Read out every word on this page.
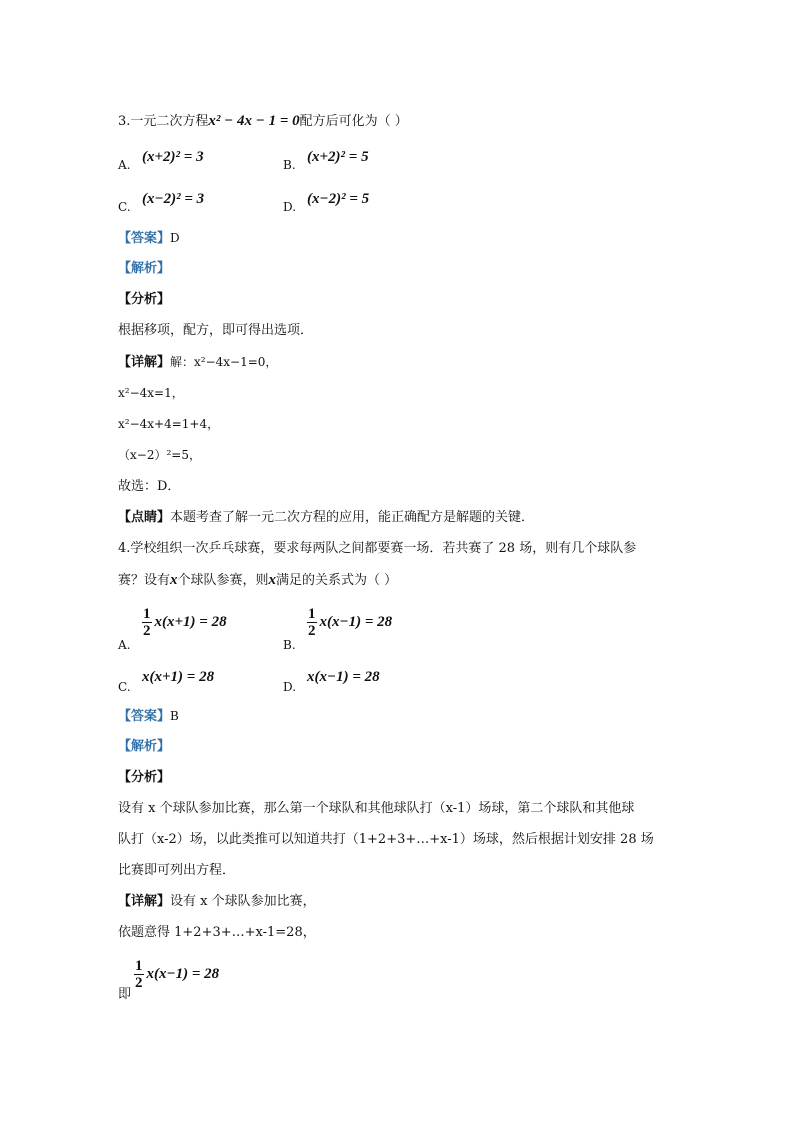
3.一元二次方程x² − 4x − 1 = 0配方后可化为（ ）
A. (x+2)² = 3	B. (x+2)² = 5
C. (x−2)² = 3	D. (x−2)² = 5
【答案】D
【解析】
【分析】
根据移项，配方，即可得出选项．
【详解】解：x²−4x−1=0，
x²−4x=1，
x²−4x+4=1+4，
（x−2）²=5，
故选：D．
【点睛】本题考查了解一元二次方程的应用，能正确配方是解题的关键．
4.学校组织一次乒乓球赛，要求每两队之间都要赛一场．若共赛了 28 场，则有几个球队参
赛？设有x个球队参赛，则x满足的关系式为（ ）
A.
$\frac{1}{2} x(x+1) = 28$
B.
$\frac{1}{2} x(x-1) = 28$
C.
x(x+1) = 28
D.
x(x−1) = 28
【答案】B
【解析】
【分析】
设有 x 个球队参加比赛，那么第一个球队和其他球队打（x-1）场球，第二个球队和其他球
队打（x-2）场，以此类推可以知道共打（1+2+3+…+x-1）场球，然后根据计划安排 28 场
比赛即可列出方程．
【详解】设有 x 个球队参加比赛，
依题意得 1+2+3+…+x-1=28，
即
$\frac{1}{2} x(x-1) = 28$
